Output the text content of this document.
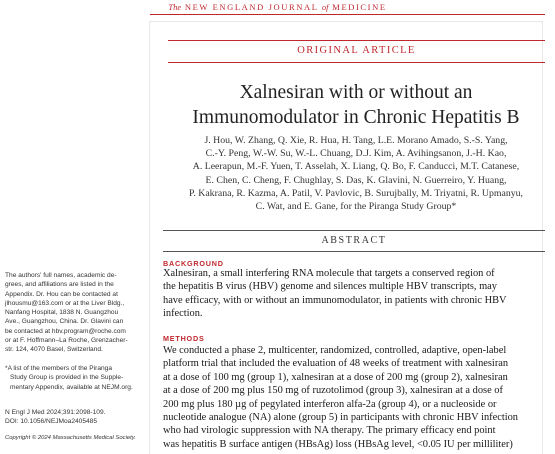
The NEW ENGLAND JOURNAL of MEDICINE
ORIGINAL ARTICLE
Xalnesiran with or without an
Immunomodulator in Chronic Hepatitis B
J. Hou, W. Zhang, Q. Xie, R. Hua, H. Tang, L.E. Morano Amado, S.-S. Yang,
C.-Y. Peng, W.-W. Su, W.-L. Chuang, D.J. Kim, A. Avihingsanon, J.-H. Kao,
A. Leerapun, M.-F. Yuen, T. Asselah, X. Liang, Q. Bo, F. Canducci, M.T. Catanese,
E. Chen, C. Cheng, F. Chughlay, S. Das, K. Glavini, N. Guerreiro, Y. Huang,
P. Kakrana, R. Kazma, A. Patil, V. Pavlovic, B. Surujbally, M. Triyatni, R. Upmanyu,
C. Wat, and E. Gane, for the Piranga Study Group*
ABSTRACT
BACKGROUND
Xalnesiran, a small interfering RNA molecule that targets a conserved region of
the hepatitis B virus (HBV) genome and silences multiple HBV transcripts, may
have efficacy, with or without an immunomodulator, in patients with chronic HBV
infection.
METHODS
We conducted a phase 2, multicenter, randomized, controlled, adaptive, open-label
platform trial that included the evaluation of 48 weeks of treatment with xalnesiran
at a dose of 100 mg (group 1), xalnesiran at a dose of 200 mg (group 2), xalnesiran
at a dose of 200 mg plus 150 mg of ruzotolimod (group 3), xalnesiran at a dose of
200 mg plus 180 µg of pegylated interferon alfa-2a (group 4), or a nucleoside or
nucleotide analogue (NA) alone (group 5) in participants with chronic HBV infection
who had virologic suppression with NA therapy. The primary efficacy end point
was hepatitis B surface antigen (HBsAg) loss (HBsAg level, <0.05 IU per milliliter)
The authors' full names, academic de-
grees, and affiliations are listed in the
Appendix. Dr. Hou can be contacted at
jlhousmu@163.com or at the Liver Bldg.,
Nanfang Hospital, 1838 N. Guangzhou
Ave., Guangzhou, China. Dr. Glavini can
be contacted at hbv.program@roche.com
or at F. Hoffmann–La Roche, Grenzacher-
str. 124, 4070 Basel, Switzerland.
*A list of the members of the Piranga
Study Group is provided in the Supple-
mentary Appendix, available at NEJM.org.
N Engl J Med 2024;391:2098-109.
DOI: 10.1056/NEJMoa2405485
Copyright © 2024 Massachusetts Medical Society.
